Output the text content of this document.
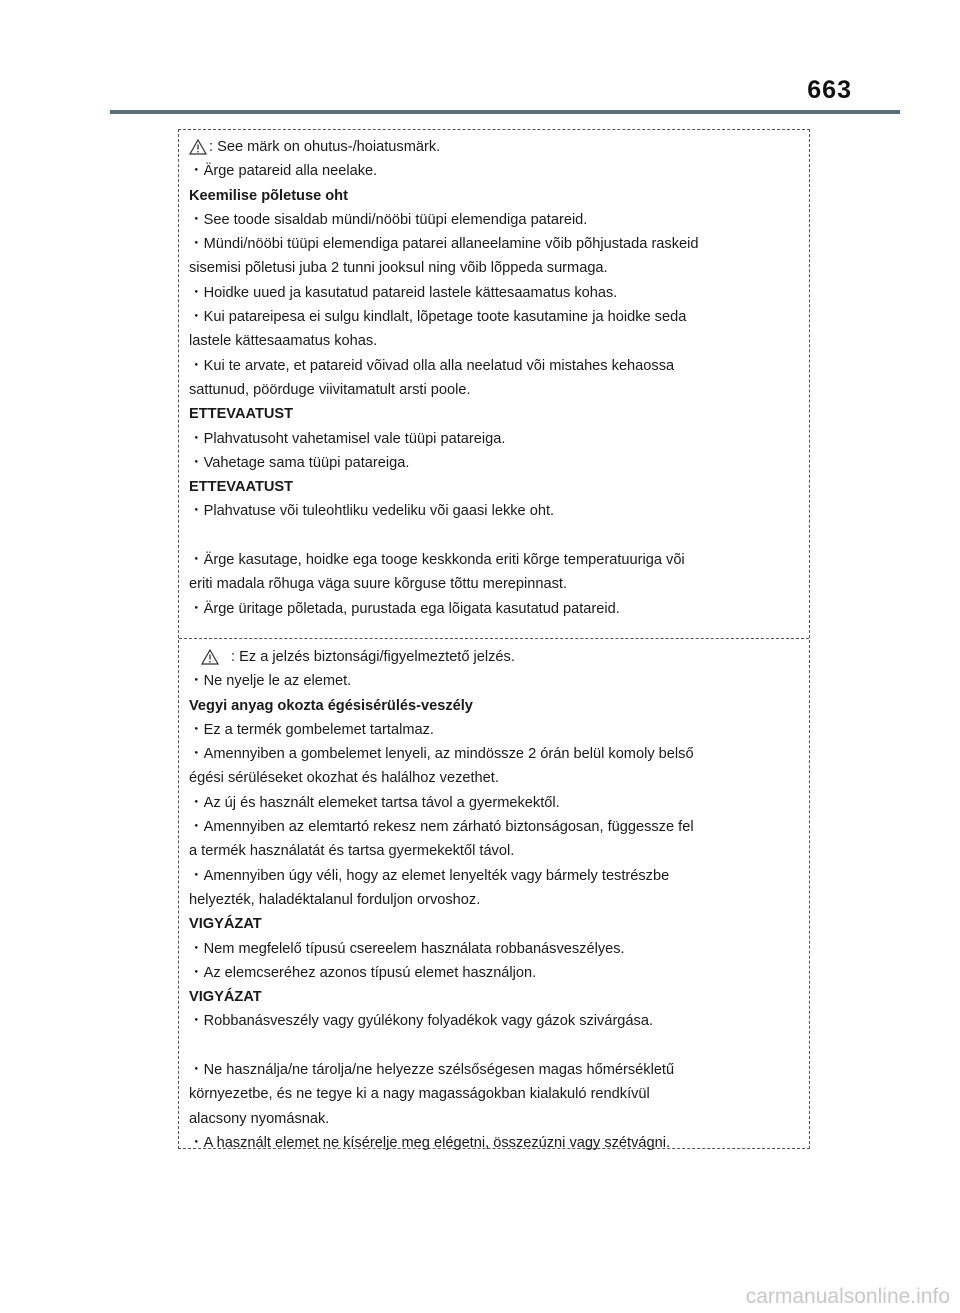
663
: See märk on ohutus-/hoiatusmärk.
・Ärge patareid alla neelake.
Keemilise põletuse oht
・See toode sisaldab mündi/nööbi tüüpi elemendiga patareid.
・Mündi/nööbi tüüpi elemendiga patarei allaneelamine võib põhjustada raskeid
sisemisi põletusi juba 2 tunni jooksul ning võib lõppeda surmaga.
・Hoidke uued ja kasutatud patareid lastele kättesaamatus kohas.
・Kui patareipesa ei sulgu kindlalt, lõpetage toote kasutamine ja hoidke seda
lastele kättesaamatus kohas.
・Kui te arvate, et patareid võivad olla alla neelatud või mistahes kehaossa
sattunud, pöörduge viivitamatult arsti poole.
ETTEVAATUST
・Plahvatusoht vahetamisel vale tüüpi patareiga.
・Vahetage sama tüüpi patareiga.
ETTEVAATUST
・Plahvatuse või tuleohtliku vedeliku või gaasi lekke oht.
・Ärge kasutage, hoidke ega tooge keskkonda eriti kõrge temperatuuriga või
eriti madala rõhuga väga suure kõrguse tõttu merepinnast.
・Ärge üritage põletada, purustada ega lõigata kasutatud patareid.
: Ez a jelzés biztonsági/figyelmeztető jelzés.
・Ne nyelje le az elemet.
Vegyi anyag okozta égésisérülés-veszély
・Ez a termék gombelemet tartalmaz.
・Amennyiben a gombelemet lenyeli, az mindössze 2 órán belül komoly belső
égési sérüléseket okozhat és halálhoz vezethet.
・Az új és használt elemeket tartsa távol a gyermekektől.
・Amennyiben az elemtartó rekesz nem zárható biztonságosan, függessze fel
a termék használatát és tartsa gyermekektől távol.
・Amennyiben úgy véli, hogy az elemet lenyelték vagy bármely testrészbe
helyezték, haladéktalanul forduljon orvoshoz.
VIGYÁZAT
・Nem megfelelő típusú csereelem használata robbanásveszélyes.
・Az elemcseréhez azonos típusú elemet használjon.
VIGYÁZAT
・Robbanásveszély vagy gyúlékony folyadékok vagy gázok szivárgása.
・Ne használja/ne tárolja/ne helyezze szélsőségesen magas hőmérsékletű
környezetbe, és ne tegye ki a nagy magasságokban kialakuló rendkívül
alacsony nyomásnak.
・A használt elemet ne kísérelje meg elégetni, összezúzni vagy szétvágni.
carmanualsonline.info
